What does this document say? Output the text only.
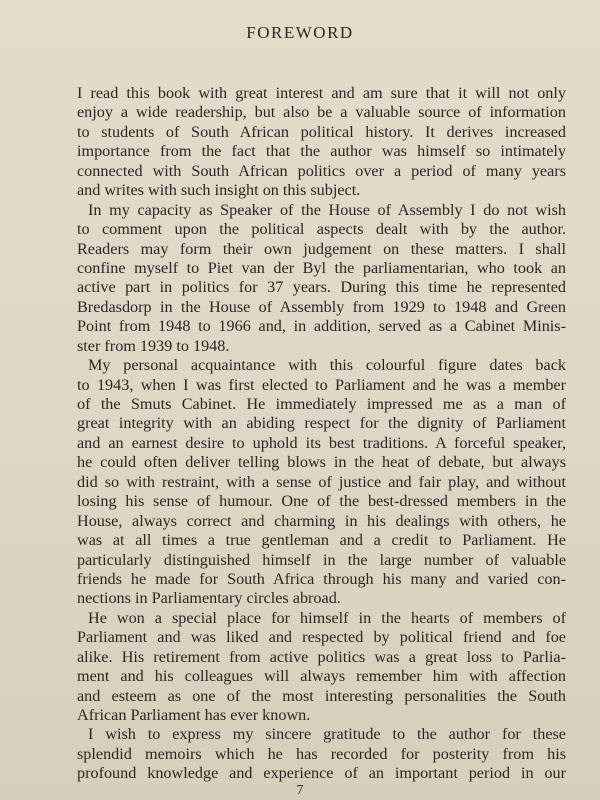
FOREWORD
I read this book with great interest and am sure that it will not only
enjoy a wide readership, but also be a valuable source of information
to students of South African political history. It derives increased
importance from the fact that the author was himself so intimately
connected with South African politics over a period of many years
and writes with such insight on this subject.
In my capacity as Speaker of the House of Assembly I do not wish
to comment upon the political aspects dealt with by the author.
Readers may form their own judgement on these matters. I shall
confine myself to Piet van der Byl the parliamentarian, who took an
active part in politics for 37 years. During this time he represented
Bredasdorp in the House of Assembly from 1929 to 1948 and Green
Point from 1948 to 1966 and, in addition, served as a Cabinet Minis-
ster from 1939 to 1948.
My personal acquaintance with this colourful figure dates back
to 1943, when I was first elected to Parliament and he was a member
of the Smuts Cabinet. He immediately impressed me as a man of
great integrity with an abiding respect for the dignity of Parliament
and an earnest desire to uphold its best traditions. A forceful speaker,
he could often deliver telling blows in the heat of debate, but always
did so with restraint, with a sense of justice and fair play, and without
losing his sense of humour. One of the best-dressed members in the
House, always correct and charming in his dealings with others, he
was at all times a true gentleman and a credit to Parliament. He
particularly distinguished himself in the large number of valuable
friends he made for South Africa through his many and varied con-
nections in Parliamentary circles abroad.
He won a special place for himself in the hearts of members of
Parliament and was liked and respected by political friend and foe
alike. His retirement from active politics was a great loss to Parlia-
ment and his colleagues will always remember him with affection
and esteem as one of the most interesting personalities the South
African Parliament has ever known.
I wish to express my sincere gratitude to the author for these
splendid memoirs which he has recorded for posterity from his
profound knowledge and experience of an important period in our
7
